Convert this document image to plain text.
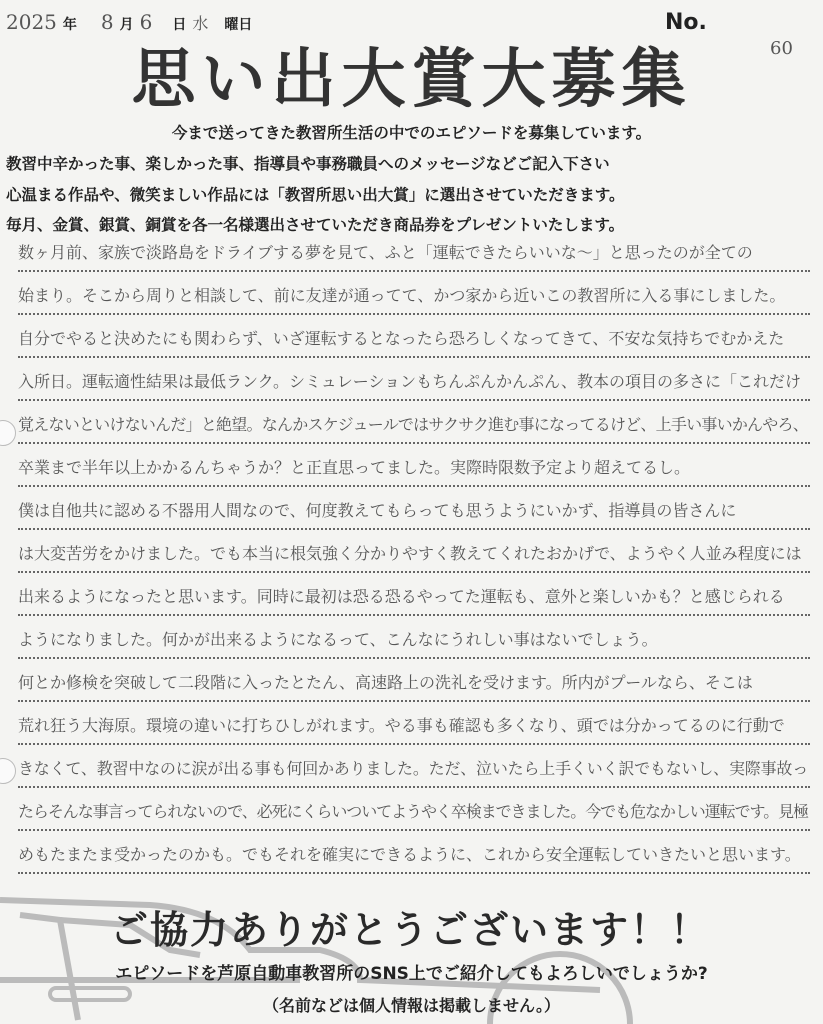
2025 年 8 月 6 日 水 曜日	No.
60
思い出大賞大募集
今まで送ってきた教習所生活の中でのエピソードを募集しています。
教習中辛かった事、楽しかった事、指導員や事務職員へのメッセージなどご記入下さい
心温まる作品や、微笑ましい作品には「教習所思い出大賞」に選出させていただきます。
毎月、金賞、銀賞、銅賞を各一名様選出させていただき商品券をプレゼントいたします。
数ヶ月前、家族で淡路島をドライブする夢を見て、ふと「運転できたらいいな～」と思ったのが全ての
始まり。そこから周りと相談して、前に友達が通ってて、かつ家から近いこの教習所に入る事にしました。
自分でやると決めたにも関わらず、いざ運転するとなったら恐ろしくなってきて、不安な気持ちでむかえた
入所日。運転適性結果は最低ランク。シミュレーションもちんぷんかんぷん、教本の項目の多さに「これだけ
覚えないといけないんだ」と絶望。なんかスケジュールではサクサク進む事になってるけど、上手い事いかんやろ、
卒業まで半年以上かかるんちゃうか？と正直思ってました。実際時限数予定より超えてるし。
僕は自他共に認める不器用人間なので、何度教えてもらっても思うようにいかず、指導員の皆さんに
は大変苦労をかけました。でも本当に根気強く分かりやすく教えてくれたおかげで、ようやく人並み程度には
出来るようになったと思います。同時に最初は恐る恐るやってた運転も、意外と楽しいかも？と感じられる
ようになりました。何かが出来るようになるって、こんなにうれしい事はないでしょう。
何とか修検を突破して二段階に入ったとたん、高速路上の洗礼を受けます。所内がプールなら、そこは
荒れ狂う大海原。環境の違いに打ちひしがれます。やる事も確認も多くなり、頭では分かってるのに行動で
きなくて、教習中なのに涙が出る事も何回かありました。ただ、泣いたら上手くいく訳でもないし、実際事故っ
たらそんな事言ってられないので、必死にくらいついてようやく卒検まできました。今でも危なかしい運転です。見極
めもたまたま受かったのかも。でもそれを確実にできるように、これから安全運転していきたいと思います。
ご協力ありがとうございます！！
エピソードを芦原自動車教習所のSNS上でご紹介してもよろしいでしょうか?
（名前などは個人情報は掲載しません。）
